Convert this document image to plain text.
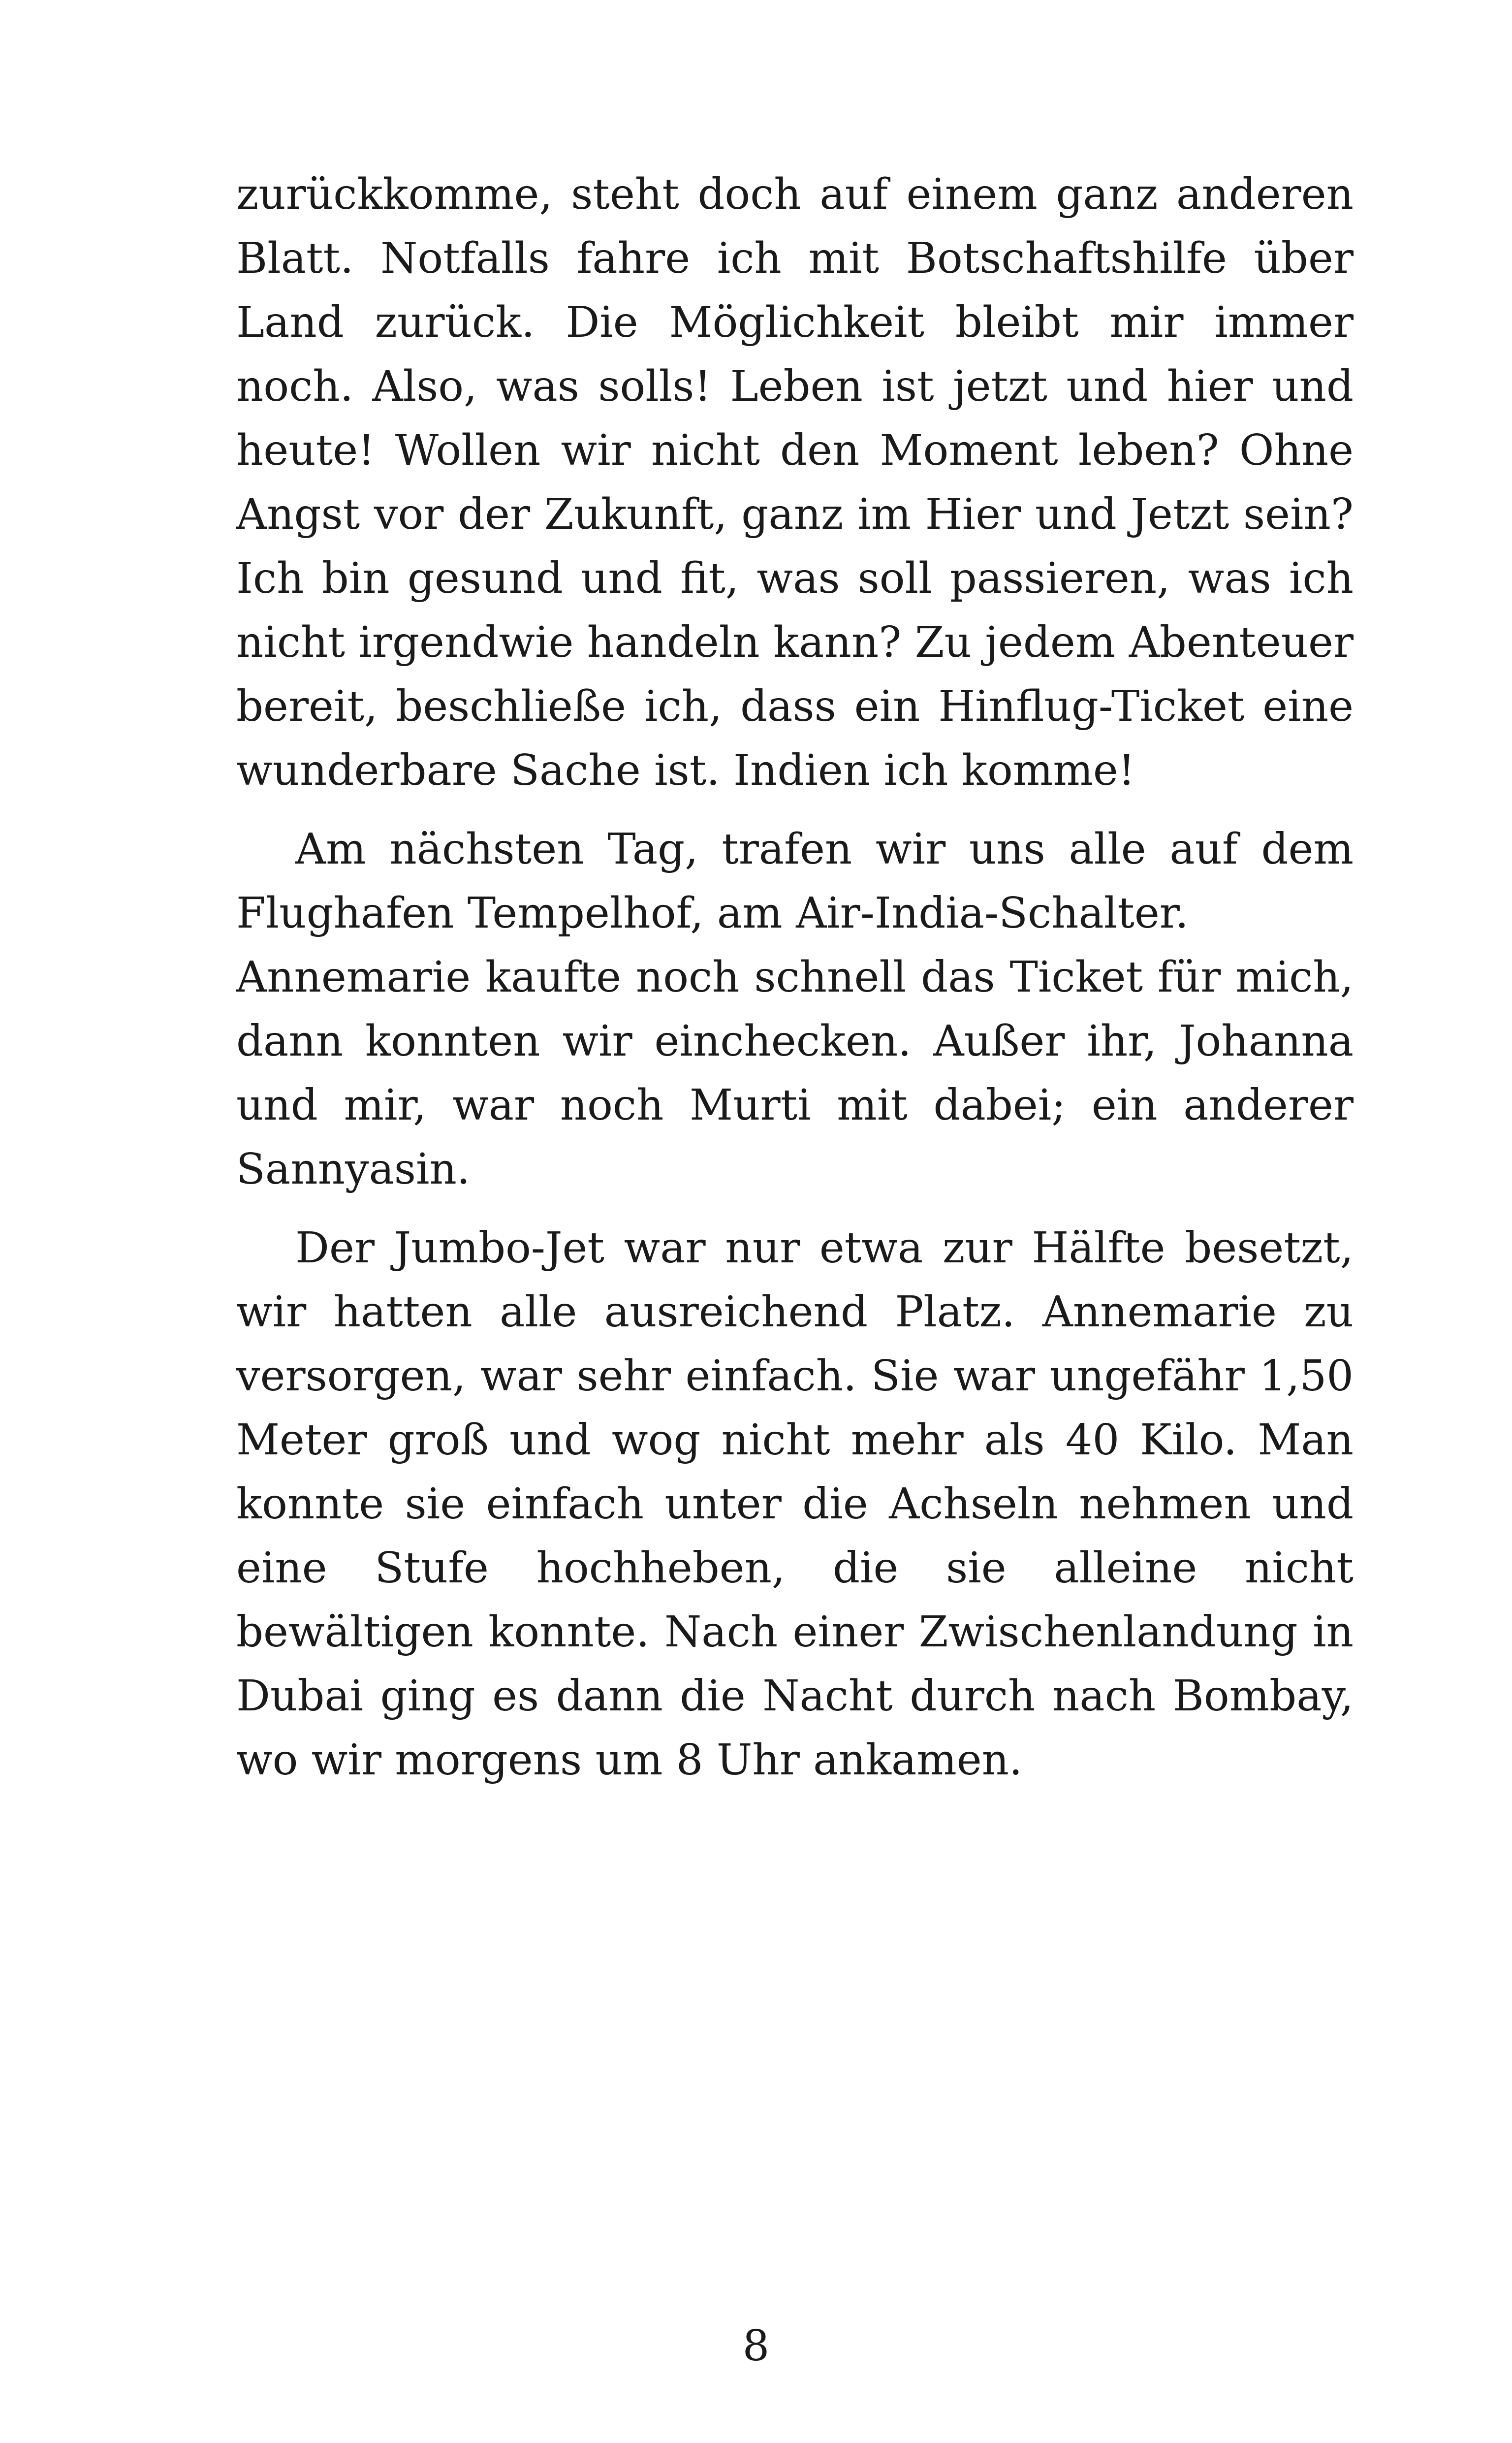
zurückkomme, steht doch auf einem ganz anderen Blatt. Notfalls fahre ich mit Botschaftshilfe über Land zurück. Die Möglichkeit bleibt mir immer noch. Also, was solls! Leben ist jetzt und hier und heute! Wollen wir nicht den Moment leben? Ohne Angst vor der Zukunft, ganz im Hier und Jetzt sein? Ich bin gesund und fit, was soll passieren, was ich nicht irgendwie handeln kann? Zu jedem Abenteuer bereit, beschließe ich, dass ein Hinflug-Ticket eine wunderbare Sache ist. Indien ich komme!

Am nächsten Tag, trafen wir uns alle auf dem Flughafen Tempelhof, am Air-India-Schalter.

Annemarie kaufte noch schnell das Ticket für mich, dann konnten wir einchecken. Außer ihr, Johanna und mir, war noch Murti mit dabei; ein anderer Sannyasin.

Der Jumbo-Jet war nur etwa zur Hälfte besetzt, wir hatten alle ausreichend Platz. Annemarie zu versorgen, war sehr einfach. Sie war ungefähr 1,50 Meter groß und wog nicht mehr als 40 Kilo. Man konnte sie einfach unter die Achseln nehmen und eine Stufe hochheben, die sie alleine nicht bewältigen konnte. Nach einer Zwischenlandung in Dubai ging es dann die Nacht durch nach Bombay, wo wir morgens um 8 Uhr ankamen.

8
